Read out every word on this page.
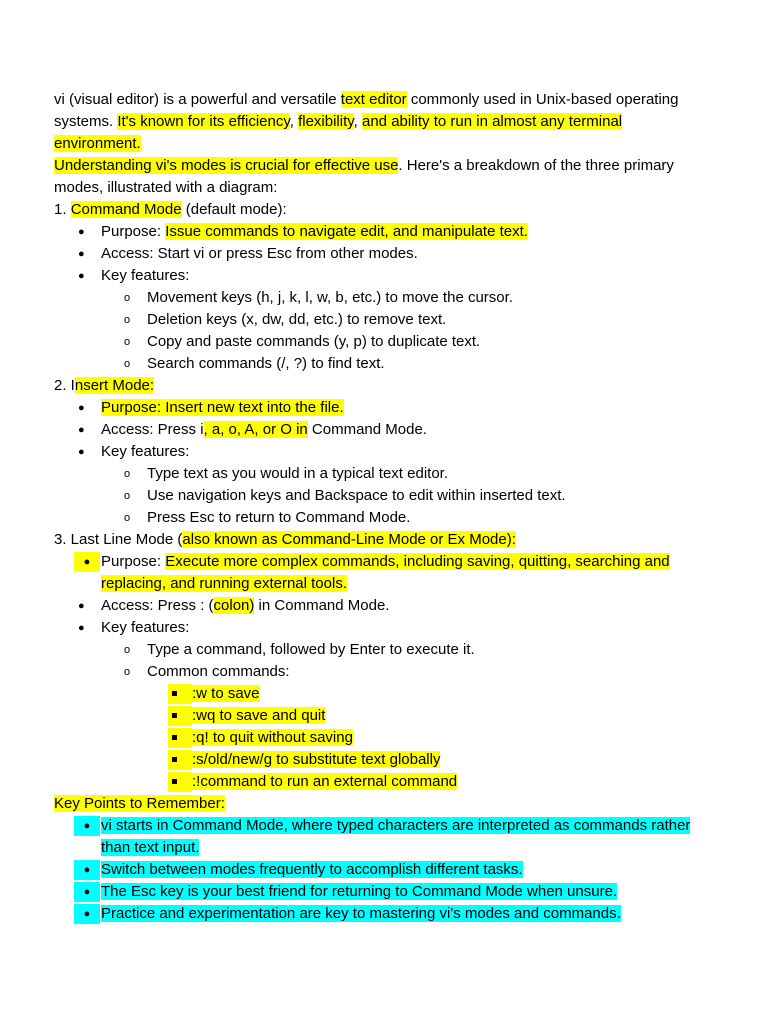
vi (visual editor) is a powerful and versatile text editor commonly used in Unix-based operating
systems. It's known for its efficiency, flexibility, and ability to run in almost any terminal
environment.
Understanding vi's modes is crucial for effective use. Here's a breakdown of the three primary
modes, illustrated with a diagram:
1. Command Mode (default mode):
● Purpose: Issue commands to navigate edit, and manipulate text.
● Access: Start vi or press Esc from other modes.
● Key features:
o Movement keys (h, j, k, l, w, b, etc.) to move the cursor.
o Deletion keys (x, dw, dd, etc.) to remove text.
o Copy and paste commands (y, p) to duplicate text.
o Search commands (/, ?) to find text.
2. Insert Mode:
● Purpose: Insert new text into the file.
● Access: Press i, a, o, A, or O in Command Mode.
● Key features:
o Type text as you would in a typical text editor.
o Use navigation keys and Backspace to edit within inserted text.
o Press Esc to return to Command Mode.
3. Last Line Mode (also known as Command-Line Mode or Ex Mode):
● Purpose: Execute more complex commands, including saving, quitting, searching and
replacing, and running external tools.
● Access: Press : (colon) in Command Mode.
● Key features:
o Type a command, followed by Enter to execute it.
o Common commands:
:w to save
:wq to save and quit
:q! to quit without saving
:s/old/new/g to substitute text globally
:!command to run an external command
Key Points to Remember:
● vi starts in Command Mode, where typed characters are interpreted as commands rather
than text input.
● Switch between modes frequently to accomplish different tasks.
● The Esc key is your best friend for returning to Command Mode when unsure.
● Practice and experimentation are key to mastering vi's modes and commands.
